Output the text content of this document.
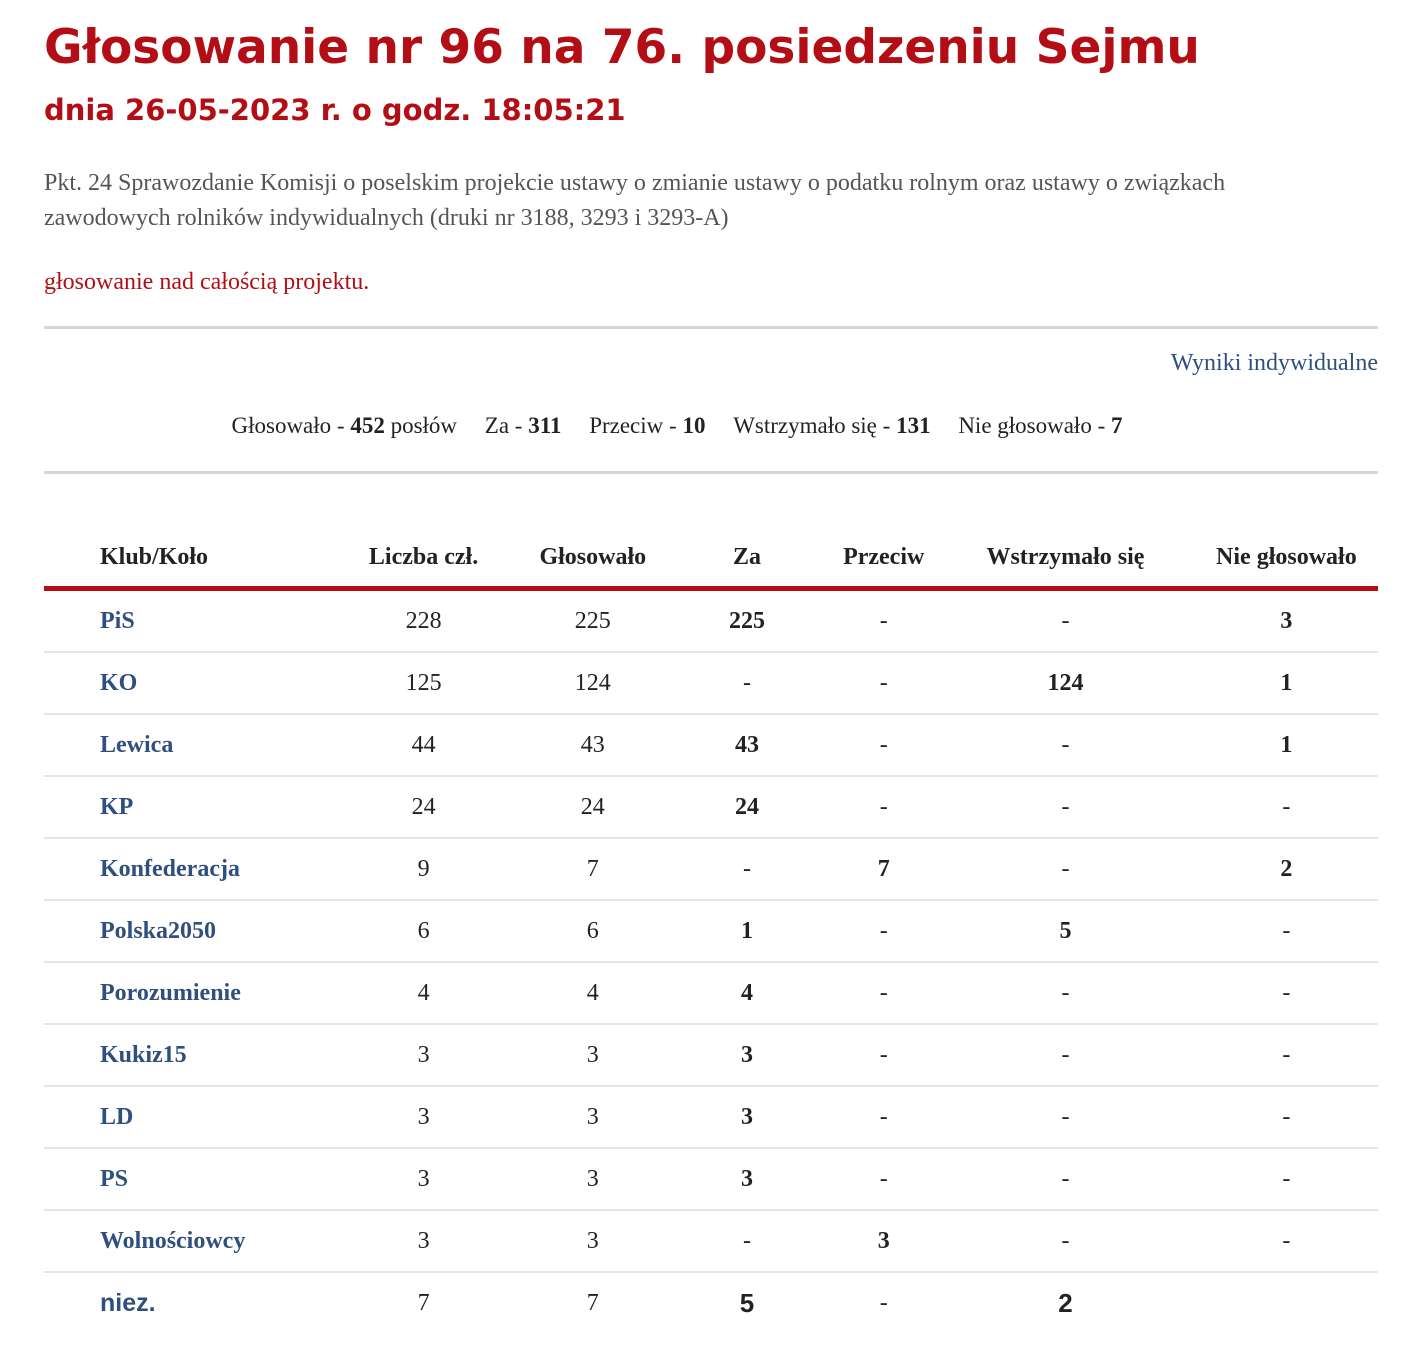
Głosowanie nr 96 na 76. posiedzeniu Sejmu
dnia 26-05-2023 r. o godz. 18:05:21
Pkt. 24 Sprawozdanie Komisji o poselskim projekcie ustawy o zmianie ustawy o podatku rolnym oraz ustawy o związkach zawodowych rolników indywidualnych (druki nr 3188, 3293 i 3293-A)
głosowanie nad całością projektu.
Wyniki indywidualne
Głosowało - 452 posłów Za - 311 Przeciw - 10 Wstrzymało się - 131 Nie głosowało - 7
Klub/Koło	Liczba czł.	Głosowało	Za	Przeciw	Wstrzymało się	Nie głosowało
PiS	228	225	225	-	-	3
KO	125	124	-	-	124	1
Lewica	44	43	43	-	-	1
KP	24	24	24	-	-	-
Konfederacja	9	7	-	7	-	2
Polska2050	6	6	1	-	5	-
Porozumienie	4	4	4	-	-	-
Kukiz15	3	3	3	-	-	-
LD	3	3	3	-	-	-
PS	3	3	3	-	-	-
Wolnościowcy	3	3	-	3	-	-
niez.	7	7	5	-	2	
